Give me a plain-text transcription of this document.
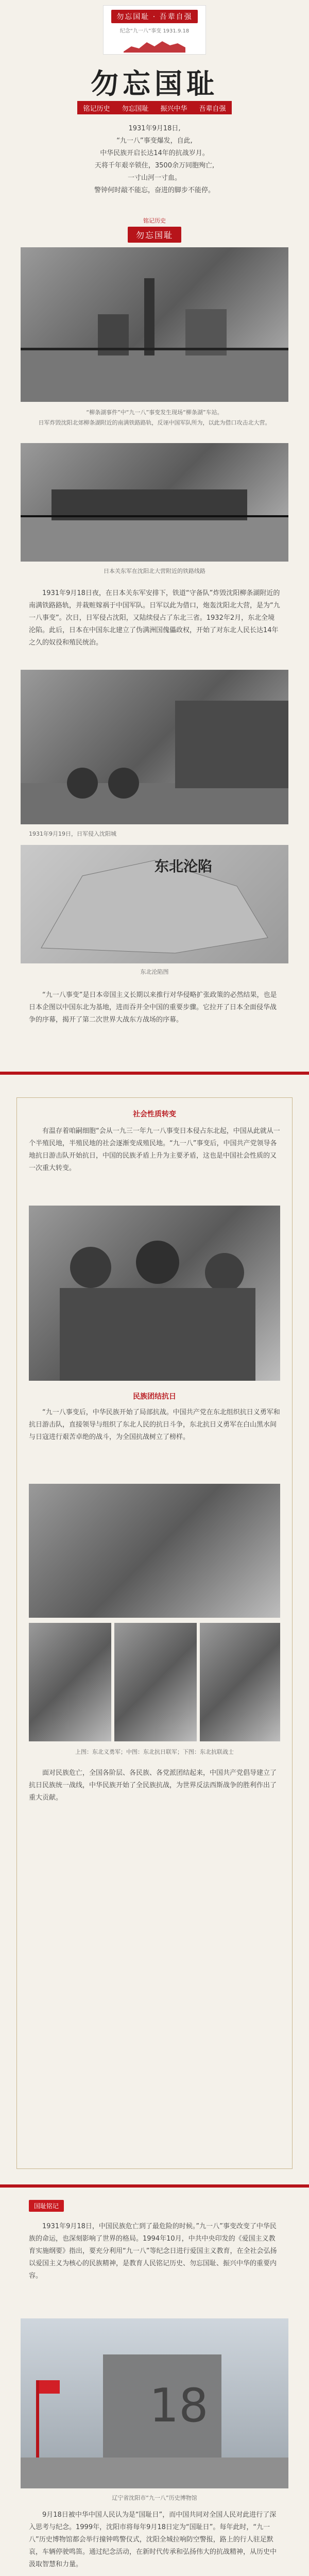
勿忘国耻 · 吾辈自强
纪念“九一八”事变 1931.9.18
勿忘国耻
铭记历史 勿忘国耻 振兴中华 吾辈自强
1931年9月18日,
“九一八”事变爆发，自此,
中华民族开启长达14年的抗战岁月。
天将千年艰辛锁住，3500余万同胞殉亡,
一寸山河一寸血。
警钟何时敲不能忘，奋进的脚步不能停。
铭记历史
勿忘国耻
“柳条湖事件”中“九一八”事变发生现场“柳条湖”车站。
日军炸毁沈阳北郊柳条湖附近的南满铁路路轨，反诬中国军队所为，以此为借口攻击北大营。
日本关东军在沈阳北大营附近的铁路线路
1931年9月18日夜，在日本关东军安排下，铁道“守备队”炸毁沈阳柳条湖附近的南满铁路路轨，并栽赃嫁祸于中国军队。日军以此为借口，炮轰沈阳北大营，是为“九一八事变”。次日，日军侵占沈阳，又陆续侵占了东北三省。1932年2月，东北全境沦陷。此后，日本在中国东北建立了伪满洲国傀儡政权，开始了对东北人民长达14年之久的奴役和殖民统治。
1931年9月19日，日军侵入沈阳城
东北沦陷
东北沦陷图
“九一八事变”是日本帝国主义长期以来推行对华侵略扩张政策的必然结果，也是日本企图以中国东北为基地，进而吞并全中国的重要步骤。它拉开了日本全面侵华战争的序幕，揭开了第二次世界大战东方战场的序幕。
社会性质转变
有温存着咱嗣细胞“会从一九三一年九一八事变日本侵占东北起，中国从此就从一个半殖民地，半殖民地的社会逐渐变成殖民地。“九一八”事变后，中国共产党领导各地抗日游击队开始抗日，中国的民族矛盾上升为主要矛盾，这也是中国社会性质的又一次重大转变。
民族团结抗日
“九一八事变后，中华民族开始了局部抗战。中国共产党在东北组织抗日义勇军和抗日游击队，直接领导与组织了东北人民的抗日斗争，东北抗日义勇军在白山黑水间与日寇进行艰苦卓绝的战斗，为全国抗战树立了榜样。
上图：东北义勇军；中图：东北抗日联军；下图：东北抗联战士
面对民族危亡，全国各阶层、各民族、各党派团结起来，中国共产党倡导建立了抗日民族统一战线，中华民族开始了全民族抗战，为世界反法西斯战争的胜利作出了重大贡献。
国耻铭记
1931年9月18日，中国民族危亡到了最危险的时候。”九一八”事变改变了中华民族的命运，也深刻影响了世界的格局。1994年10月，中共中央印发的《爱国主义教育实施纲要》指出，要充分利用“九一八”等纪念日进行爱国主义教育，在全社会弘扬以爱国主义为核心的民族精神，是教育人民铭记历史、勿忘国耻、振兴中华的重要内容。
18
辽宁省沈阳市“九一八”历史博物馆
9月18日被中华中国人民认为是“国耻日”，而中国共同对全国人民对此进行了深入思考与纪念。1999年，沈阳市将每年9月18日定为“国耻日”。每年此时，“九一八”历史博物馆都会举行撞钟鸣警仪式，沈阳全城拉响防空警报，路上的行人驻足默哀，车辆停驶鸣笛。通过纪念活动，在新时代传承和弘扬伟大的抗战精神，从历史中汲取智慧和力量。
